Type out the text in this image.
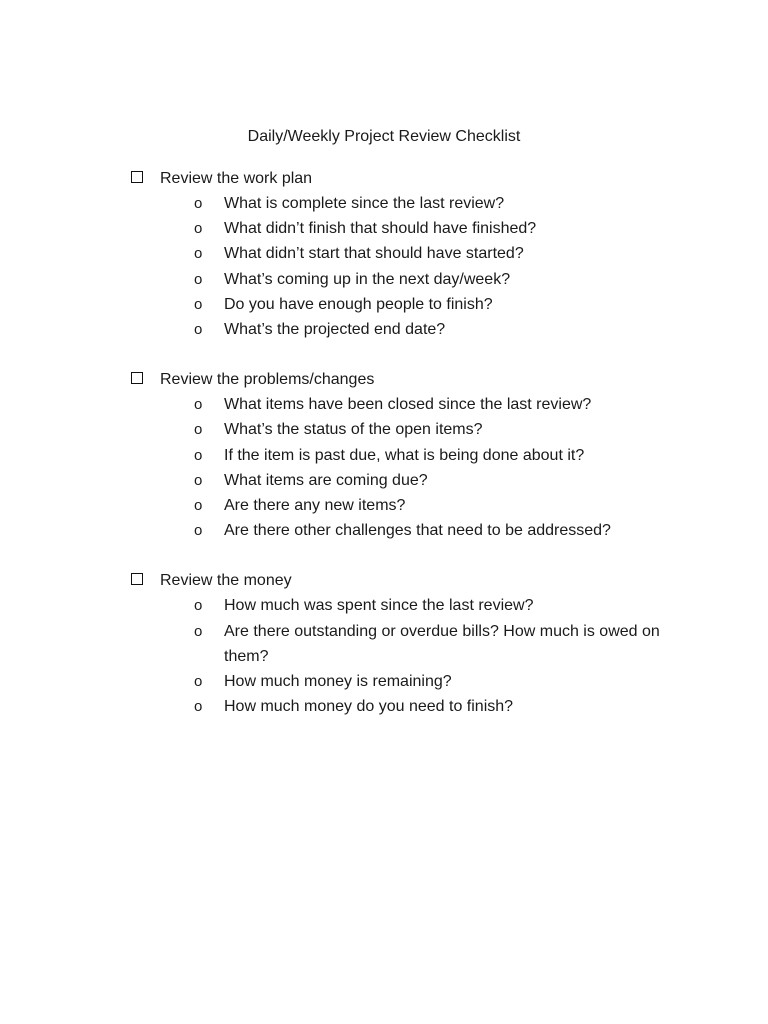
Daily/Weekly Project Review Checklist
Review the work plan
o What is complete since the last review?
o What didn’t finish that should have finished?
o What didn’t start that should have started?
o What’s coming up in the next day/week?
o Do you have enough people to finish?
o What’s the projected end date?
Review the problems/changes
o What items have been closed since the last review?
o What’s the status of the open items?
o If the item is past due, what is being done about it?
o What items are coming due?
o Are there any new items?
o Are there other challenges that need to be addressed?
Review the money
o How much was spent since the last review?
o Are there outstanding or overdue bills? How much is owed on them?
o How much money is remaining?
o How much money do you need to finish?
